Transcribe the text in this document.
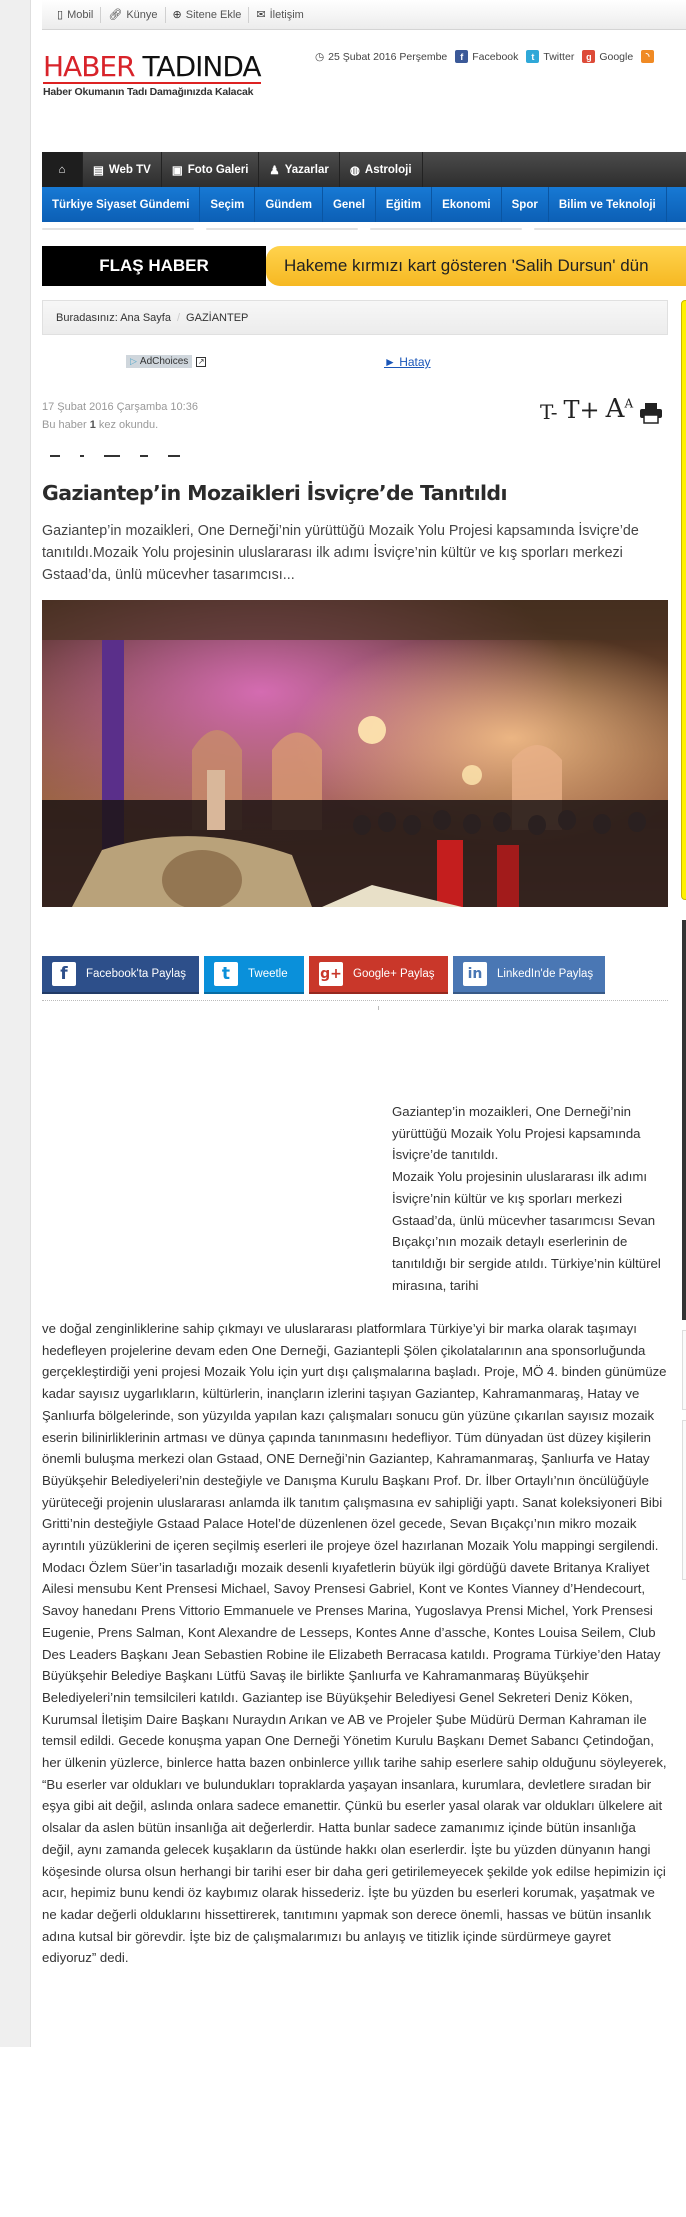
▯ Mobil 🔗︎ Künye ⊕ Sitene Ekle ✉ İletişim
HABER TADINDA
Haber Okumanın Tadı Damağınızda Kalacak
◷ 25 Şubat 2016 Perşembe	f Facebook	t Twitter	g Google	◝
⌂ ▤ Web TV ▣ Foto Galeri ♟ Yazarlar ◍ Astroloji
Türkiye Siyaset Gündemi	Seçim	Gündem	Genel	Eğitim	Ekonomi	Spor	Bilim ve Teknoloji
FLAŞ HABER	Hakeme kırmızı kart gösteren 'Salih Dursun' dün
Buradasınız: Ana Sayfa / GAZİANTEP
▷ AdChoices ↗	► Hatay
17 Şubat 2016 Çarşamba 10:36
Bu haber 1 kez okundu.
T- $T+ A^A$
Gaziantep’in Mozaikleri İsviçre’de Tanıtıldı

Gaziantep’in mozaikleri, One Derneği’nin yürüttüğü Mozaik Yolu Projesi kapsamında İsviçre’de tanıtıldı.Mozaik Yolu projesinin uluslararası ilk adımı İsviçre’nin kültür ve kış sporları merkezi Gstaad’da, ünlü mücevher tasarımcısı...

f	Facebook'ta Paylaş	t	Tweetle g+ Google+ Paylaş	in	LinkedIn'de Paylaş
Gaziantep’in mozaikleri, One Derneği’nin yürüttüğü Mozaik Yolu Projesi kapsamında İsviçre’de tanıtıldı.
Mozaik Yolu projesinin uluslararası ilk adımı İsviçre’nin kültür ve kış sporları merkezi Gstaad’da, ünlü mücevher tasarımcısı Sevan Bıçakçı’nın mozaik detaylı eserlerinin de tanıtıldığı bir sergide atıldı. Türkiye’nin kültürel mirasına, tarihi
ve doğal zenginliklerine sahip çıkmayı ve uluslararası platformlara Türkiye’yi bir marka olarak taşımayı hedefleyen projelerine devam eden One Derneği, Gaziantepli Şölen çikolatalarının ana sponsorluğunda gerçekleştirdiği yeni projesi Mozaik Yolu için yurt dışı çalışmalarına başladı. Proje, MÖ 4. binden günümüze kadar sayısız uygarlıkların, kültürlerin, inançların izlerini taşıyan Gaziantep, Kahramanmaraş, Hatay ve Şanlıurfa bölgelerinde, son yüzyılda yapılan kazı çalışmaları sonucu gün yüzüne çıkarılan sayısız mozaik eserin bilinirliklerinin artması ve dünya çapında tanınmasını hedefliyor. Tüm dünyadan üst düzey kişilerin önemli buluşma merkezi olan Gstaad, ONE Derneği’nin Gaziantep, Kahramanmaraş, Şanlıurfa ve Hatay Büyükşehir Belediyeleri’nin desteğiyle ve Danışma Kurulu Başkanı Prof. Dr. İlber Ortaylı’nın öncülüğüyle yürüteceği projenin uluslararası anlamda ilk tanıtım çalışmasına ev sahipliği yaptı. Sanat koleksiyoneri Bibi Gritti’nin desteğiyle Gstaad Palace Hotel’de düzenlenen özel gecede, Sevan Bıçakçı’nın mikro mozaik ayrıntılı yüzüklerini de içeren seçilmiş eserleri ile projeye özel hazırlanan Mozaik Yolu mappingi sergilendi. Modacı Özlem Süer’in tasarladığı mozaik desenli kıyafetlerin büyük ilgi gördüğü davete Britanya Kraliyet Ailesi mensubu Kent Prensesi Michael, Savoy Prensesi Gabriel, Kont ve Kontes Vianney d’Hendecourt, Savoy hanedanı Prens Vittorio Emmanuele ve Prenses Marina, Yugoslavya Prensi Michel, York Prensesi Eugenie, Prens Salman, Kont Alexandre de Lesseps, Kontes Anne d’assche, Kontes Louisa Seilem, Club Des Leaders Başkanı Jean Sebastien Robine ile Elizabeth Berracasa katıldı. Programa Türkiye’den Hatay Büyükşehir Belediye Başkanı Lütfü Savaş ile birlikte Şanlıurfa ve Kahramanmaraş Büyükşehir Belediyeleri’nin temsilcileri katıldı. Gaziantep ise Büyükşehir Belediyesi Genel Sekreteri Deniz Köken, Kurumsal İletişim Daire Başkanı Nuraydın Arıkan ve AB ve Projeler Şube Müdürü Derman Kahraman ile temsil edildi. Gecede konuşma yapan One Derneği Yönetim Kurulu Başkanı Demet Sabancı Çetindoğan, her ülkenin yüzlerce, binlerce hatta bazen onbinlerce yıllık tarihe sahip eserlere sahip olduğunu söyleyerek, “Bu eserler var oldukları ve bulundukları topraklarda yaşayan insanlara, kurumlara, devletlere sıradan bir eşya gibi ait değil, aslında onlara sadece emanettir. Çünkü bu eserler yasal olarak var oldukları ülkelere ait olsalar da aslen bütün insanlığa ait değerlerdir. Hatta bunlar sadece zamanımız içinde bütün insanlığa değil, aynı zamanda gelecek kuşakların da üstünde hakkı olan eserlerdir. İşte bu yüzden dünyanın hangi köşesinde olursa olsun herhangi bir tarihi eser bir daha geri getirilemeyecek şekilde yok edilse hepimizin içi acır, hepimiz bunu kendi öz kaybımız olarak hissederiz. İşte bu yüzden bu eserleri korumak, yaşatmak ve ne kadar değerli olduklarını hissettirerek, tanıtımını yapmak son derece önemli, hassas ve bütün insanlık adına kutsal bir görevdir. İşte biz de çalışmalarımızı bu anlayış ve titizlik içinde sürdürmeye gayret ediyoruz” dedi.
